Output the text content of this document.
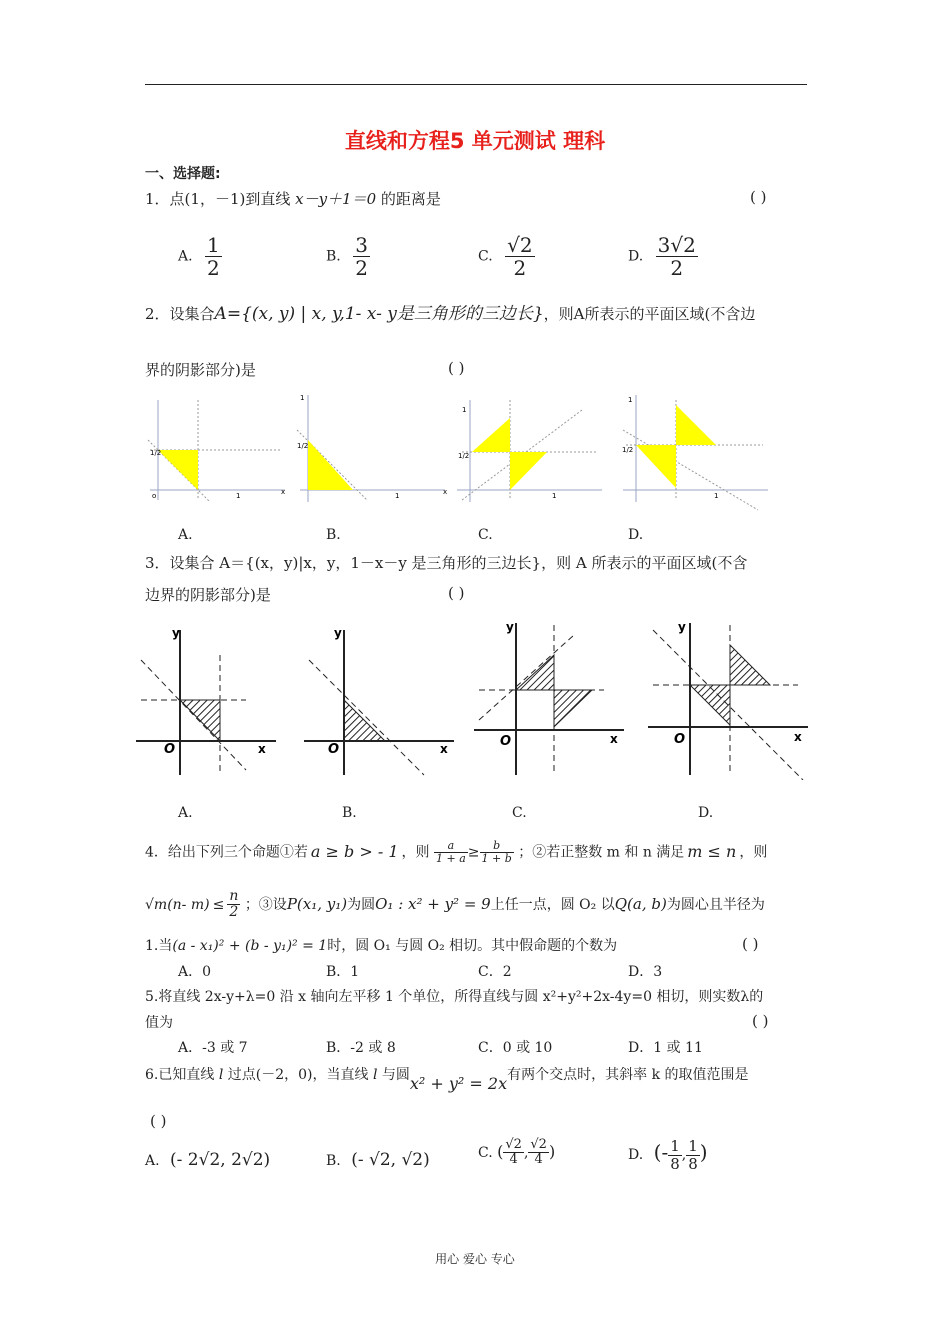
直线和方程5 单元测试 理科
一、选择题:
1．点(1，－1)到直线 x－y＋1＝0 的距离是	( )
A. $\frac{1}{2}$	B. $\frac{3}{2}$	C. $\frac{√2}{2}$	D. $\frac{3√2}{2}$
2．设集合A={(x, y) | x, y,1- x- y是三角形的三边长}，则A所表示的平面区域(不含边
界的阴影部分)是	( )
1/2
o	1	x
1/2
1
1	x
1/2
1
1
1/2
1
1
A.	B.	C.	D.
3．设集合 A＝{(x，y)|x，y，1－x－y 是三角形的三边长}，则 A 所表示的平面区域(不含
边界的阴影部分)是	( )
O	x
y
O	x
y
O	x
y
O	x
y
A.	B.	C.	D.
4．给出下列三个命题①若 a ≥ b > - 1 ，则 $\frac{a}{1 + a} \ge \frac{b}{1 + b}$ ；②若正整数 m 和 n 满足 m ≤ n ，则
√m(n- $m) \le \frac{n}{2}$ ；③设P(x₁, y₁)为圆O₁ : x² + y² = 9上任一点，圆 O₂ 以Q(a, b)为圆心且半径为
1.当(a - x₁)² + (b - y₁)² = 1时，圆 O₁ 与圆 O₂ 相切。其中假命题的个数为	( )
A．0	B．1	C．2	D．3
5.将直线 2x-y+λ=0 沿 x 轴向左平移 1 个单位，所得直线与圆 x²+y²+2x-4y=0 相切，则实数λ的
值为	( )
A．-3 或 7	B．-2 或 8	C．0 或 10	D．1 或 11
6.已知直线 l 过点(－2，0)，当直线 l 与圆x² + y² = 2x有两个交点时，其斜率 k 的取值范围是
( )
A. (- 2√2, 2√2)	B. (- √2, √2)	C. ( $\frac{√2}{4}$ , $\frac{√2}{4}$ )	D. (- $\frac{1}{8}$ , $\frac{1}{8}$ )
用心 爱心 专心
